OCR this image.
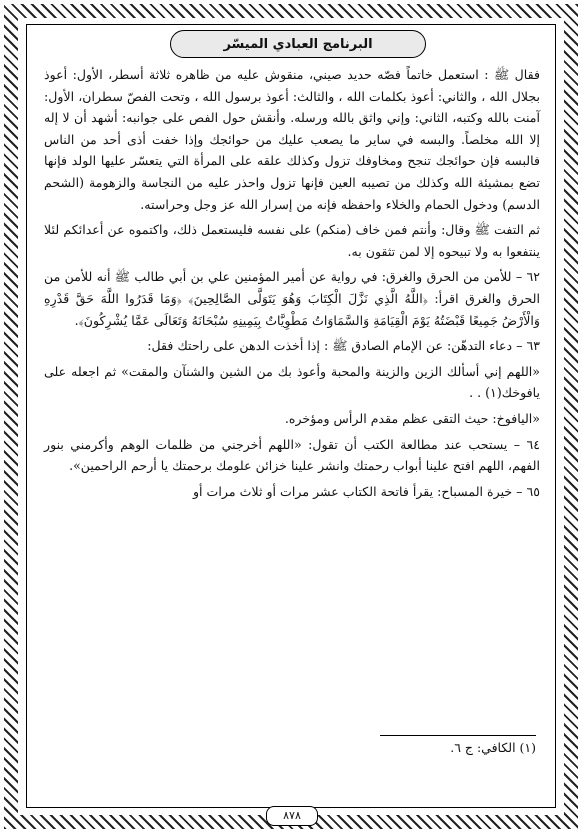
البرنامج العبادي الميسّر

فقال ﷺ : استعمل خاتماً فصّه حديد صيني، منقوش عليه من ظاهره ثلاثة أسطر، الأول: أعوذ بجلال الله ، والثاني: أعوذ بكلمات الله ، والثالث: أعوذ برسول الله ، وتحت الفصّ سطران، الأول: آمنت بالله وكتبه، الثاني: وإني واثق بالله ورسله. وأنقش حول الفص على جوانبه: أشهد أن لا إله إلا الله مخلصاً. والبسه في ساير ما يصعب عليك من حوائجك وإذا خفت أذى أحد من الناس فالبسه فإن حوائجك تنجح ومخاوفك تزول وكذلك علقه على المرأة التي يتعسّر عليها الولد فإنها تضع بمشيئة الله وكذلك من تصيبه العين فإنها تزول واحذر عليه من النجاسة والزهومة (الشحم الدسم) ودخول الحمام والخلاء واحفظه فإنه من إسرار الله عز وجل وحراسته.

ثم التفت ﷺ وقال: وأنتم فمن خاف (منكم) على نفسه فليستعمل ذلك، واكتموه عن أعدائكم لئلا ينتفعوا به ولا تبيحوه إلا لمن تثقون به.

٦٢ – للأمن من الحرق والغرق: في رواية عن أمير المؤمنين علي بن أبي طالب ﷺ أنه للأمن من الحرق والغرق اقرأ: ﴿اللَّهُ الَّذِي نَزَّلَ الْكِتَابَ وَهُوَ يَتَوَلَّى الصَّالِحِينَ﴾ ﴿وَمَا قَدَرُوا اللَّهَ حَقَّ قَدْرِهِ وَالْأَرْضُ جَمِيعًا قَبْضَتُهُ يَوْمَ الْقِيَامَةِ وَالسَّمَاوَاتُ مَطْوِيَّاتٌ بِيَمِينِهِ سُبْحَانَهُ وَتَعَالَى عَمَّا يُشْرِكُونَ﴾.

٦٣ – دعاء التدهّن: عن الإمام الصادق ﷺ : إذا أخذت الدهن على راحتك فقل:

«اللهم إني أسألك الزين والزينة والمحبة وأعوذ بك من الشين والشنآن والمقت» ثم اجعله على يافوخك(١) . .

«اليافوخ: حيث التقى عظم مقدم الرأس ومؤخره.

٦٤ – يستحب عند مطالعة الكتب أن تقول: «اللهم أخرجني من ظلمات الوهم وأكرمني بنور الفهم، اللهم افتح علينا أبواب رحمتك وانشر علينا خزائن علومك برحمتك يا أرحم الراحمين».

٦٥ – خيرة المسباح: يقرأ فاتحة الكتاب عشر مرات أو ثلاث مرات أو

(١) الكافي: ج ٦.
٨٧٨
